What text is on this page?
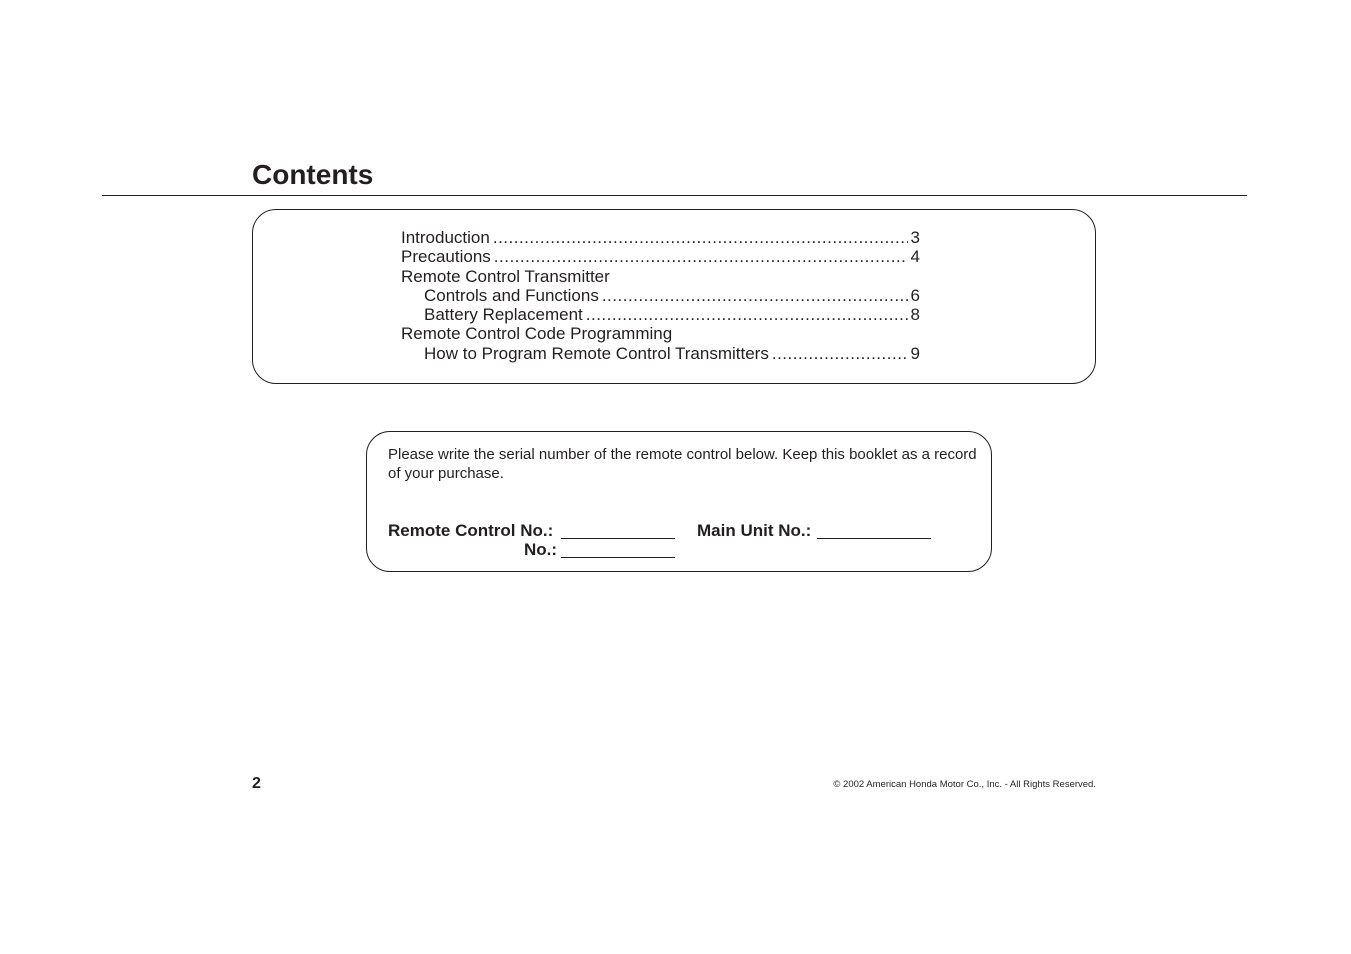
Contents
Introduction .....	3
Precautions .....	4
Remote Control Transmitter
Controls and Functions .....	6
Battery Replacement .....	8
Remote Control Code Programming
How to Program Remote Control Transmitters .....	9

Please write the serial number of the remote control below. Keep this booklet as a record of your purchase.

Remote Control No.:
No.:
Main Unit No.:
2	© 2002 American Honda Motor Co., Inc. - All Rights Reserved.
